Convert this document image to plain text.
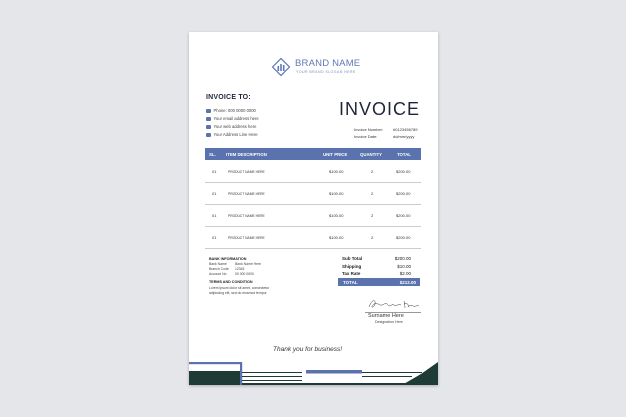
BRAND NAME
YOUR BRAND SLOGAN HERE
INVOICE TO:
Phone: 000 0000 0000
Your email address here
Your web address here
Your Address Line Here
INVOICE
Invoice Number: #0123456789
Invoice Date:	dd/mm/yyyy
SL. ITEM DESCRIPTION	UNIT PRICE	QUANTITY	TOTAL
01	PRODUCT NAME HERE	$100.00	2	$200.00
01	PRODUCT NAME HERE	$100.00	2	$200.00
01	PRODUCT NAME HERE	$100.00	2	$200.00
01	PRODUCT NAME HERE	$100.00	2	$200.00
BANK INFORMATION
Bank Name Bank Name Here
Branch Code 12345
Account No 00 000 0000
TERMS AND CONDITION
Lorem ipsum dolor sit amet, consectetur
adipiscing elit, sed do eiusmod tempor
Sub Total	$200.00
Shipping	$10.00
Tax Rate	$2.00
TOTAL	$212.00
Surname Here
Designation Here
Thank you for business!
